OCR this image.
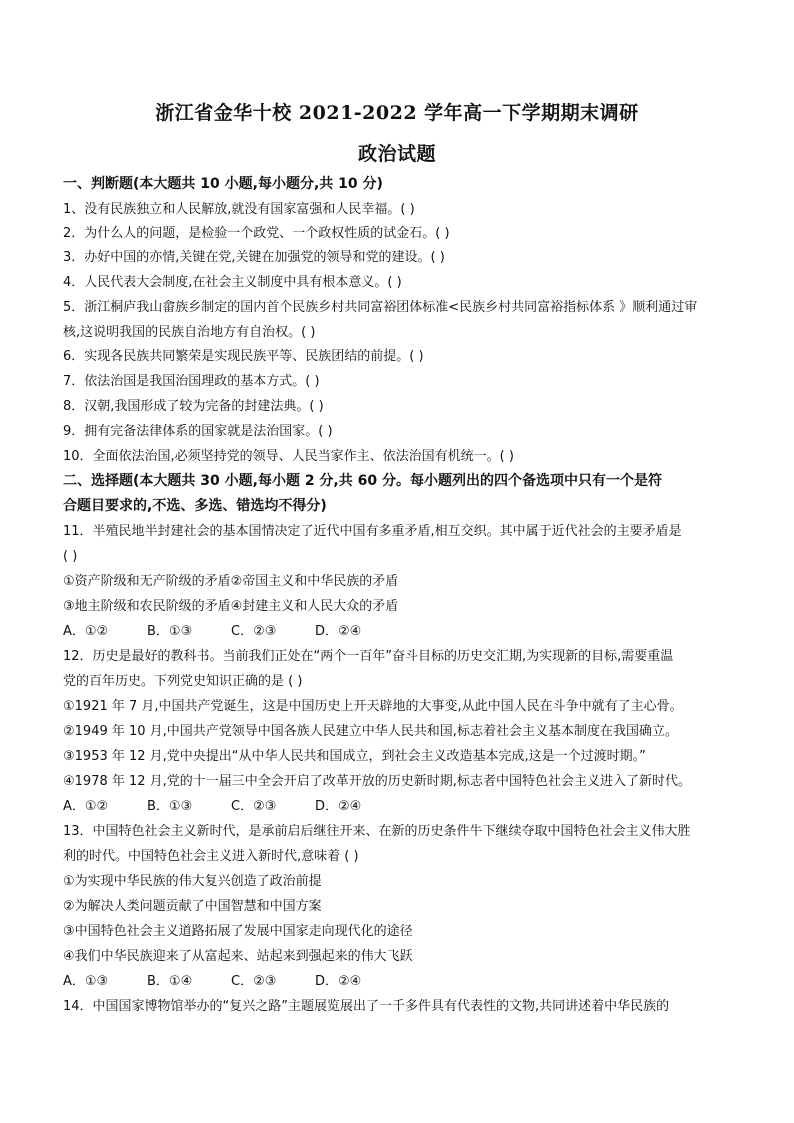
浙江省金华十校 2021-2022 学年高一下学期期末调研
政治试题
一、判断题(本大题共 10 小题,每小题分,共 10 分)
1、没有民族独立和人民解放,就没有国家富强和人民幸福。( )
2．为什么人的问题，是检验一个政党、一个政权性质的试金石。( )
3．办好中国的亦情,关键在党,关键在加强党的领导和党的建设。( )
4．人民代表大会制度,在社会主义制度中具有根本意义。( )
5．浙江桐庐我山畲族乡制定的国内首个民族乡村共同富裕团体标准<民族乡村共同富裕指标体系 》顺利通过审
核,这说明我国的民族自治地方有自治权。( )
6．实现各民族共同繁荣是实现民族平等、民族团结的前提。( )
7．依法治国是我国治国理政的基本方式。( )
8．汉朝,我国形成了较为完备的封建法典。( )
9．拥有完备法律体系的国家就是法治国家。( )
10．全面依法治国,必须坚持党的领导、人民当家作主、依法治国有机统一。( )
二、选择题(本大题共 30 小题,每小题 2 分,共 60 分。每小题列出的四个备选项中只有一个是符
合题目要求的,不选、多选、错选均不得分)
11．半殖民地半封建社会的基本国情决定了近代中国有多重矛盾,相互交织。其中属于近代社会的主要矛盾是
( )
①资产阶级和无产阶级的矛盾②帝国主义和中华民族的矛盾
③地主阶级和农民阶级的矛盾④封建主义和人民大众的矛盾
A．①②	B．①③	C．②③	D．②④
12．历史是最好的教科书。当前我们正处在“两个一百年”奋斗目标的历史交汇期,为实现新的目标,需要重温
党的百年历史。下列党史知识正确的是 ( )
①1921 年 7 月,中国共产党诞生，这是中国历史上开天辟地的大事变,从此中国人民在斗争中就有了主心骨。
②1949 年 10 月,中国共产党领导中国各族人民建立中华人民共和国,标志着社会主义基本制度在我国确立。
③1953 年 12 月,党中央提出“从中华人民共和国成立，到社会主义改造基本完成,这是一个过渡时期。”
④1978 年 12 月,党的十一届三中全会开启了改革开放的历史新时期,标志者中国特色社会主义进入了新时代。
A．①②	B．①③	C．②③	D．②④
13．中国特色社会主义新时代，是承前启后继往开来、在新的历史条件牛下继续夺取中国特色社会主义伟大胜
利的时代。中国特色社会主义进入新时代,意味着 ( )
①为实现中华民族的伟大复兴创造了政治前提
②为解决人类问题贡献了中国智慧和中国方案
③中国特色社会主义道路拓展了发展中国家走向现代化的途径
④我们中华民族迎来了从富起来、站起来到强起来的伟大飞跃
A．①③	B．①④	C．②③	D．②④
14．中国国家博物馆举办的“复兴之路”主题展览展出了一千多件具有代表性的文物,共同讲述着中华民族的
